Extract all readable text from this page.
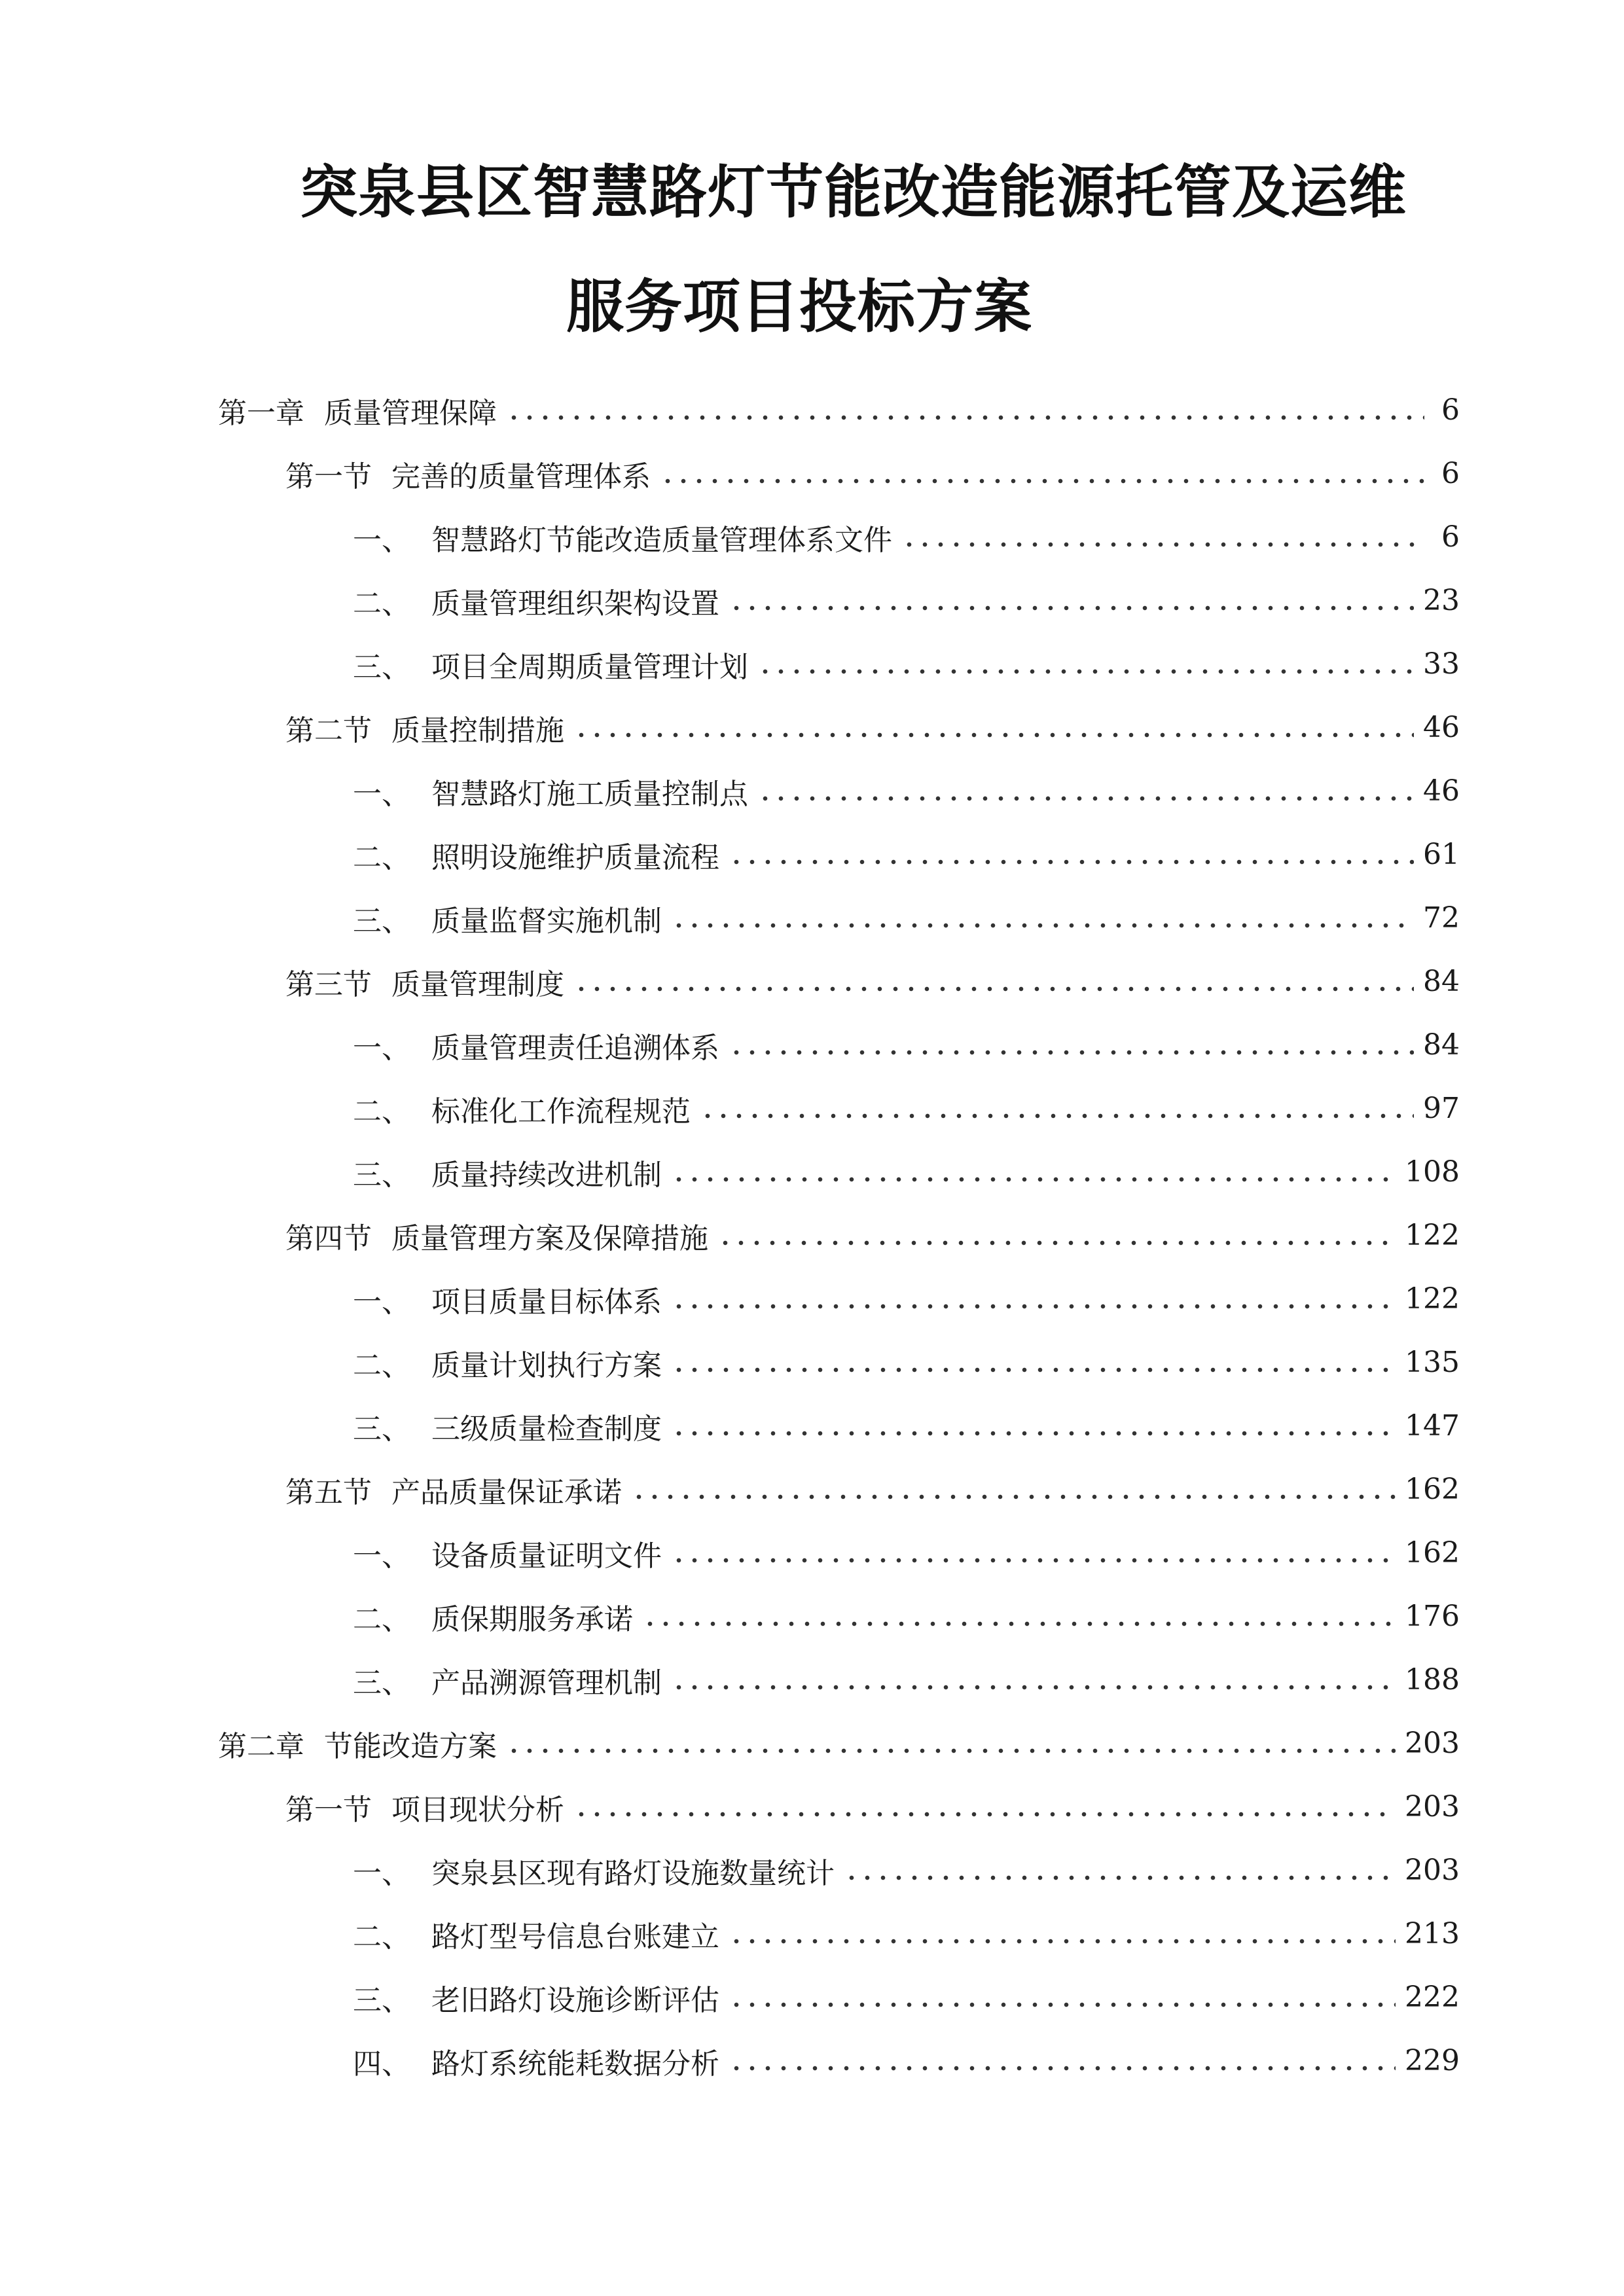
突泉县区智慧路灯节能改造能源托管及运维
服务项目投标方案
第一章 质量管理保障	6
第一节 完善的质量管理体系	6
一、 智慧路灯节能改造质量管理体系文件	6
二、 质量管理组织架构设置	23
三、 项目全周期质量管理计划	33
第二节 质量控制措施	46
一、 智慧路灯施工质量控制点	46
二、 照明设施维护质量流程	61
三、 质量监督实施机制	72
第三节 质量管理制度	84
一、 质量管理责任追溯体系	84
二、 标准化工作流程规范	97
三、 质量持续改进机制	108
第四节 质量管理方案及保障措施	122
一、 项目质量目标体系	122
二、 质量计划执行方案	135
三、 三级质量检查制度	147
第五节 产品质量保证承诺	162
一、 设备质量证明文件	162
二、 质保期服务承诺	176
三、 产品溯源管理机制	188
第二章 节能改造方案	203
第一节 项目现状分析	203
一、 突泉县区现有路灯设施数量统计	203
二、 路灯型号信息台账建立	213
三、 老旧路灯设施诊断评估	222
四、 路灯系统能耗数据分析	229
